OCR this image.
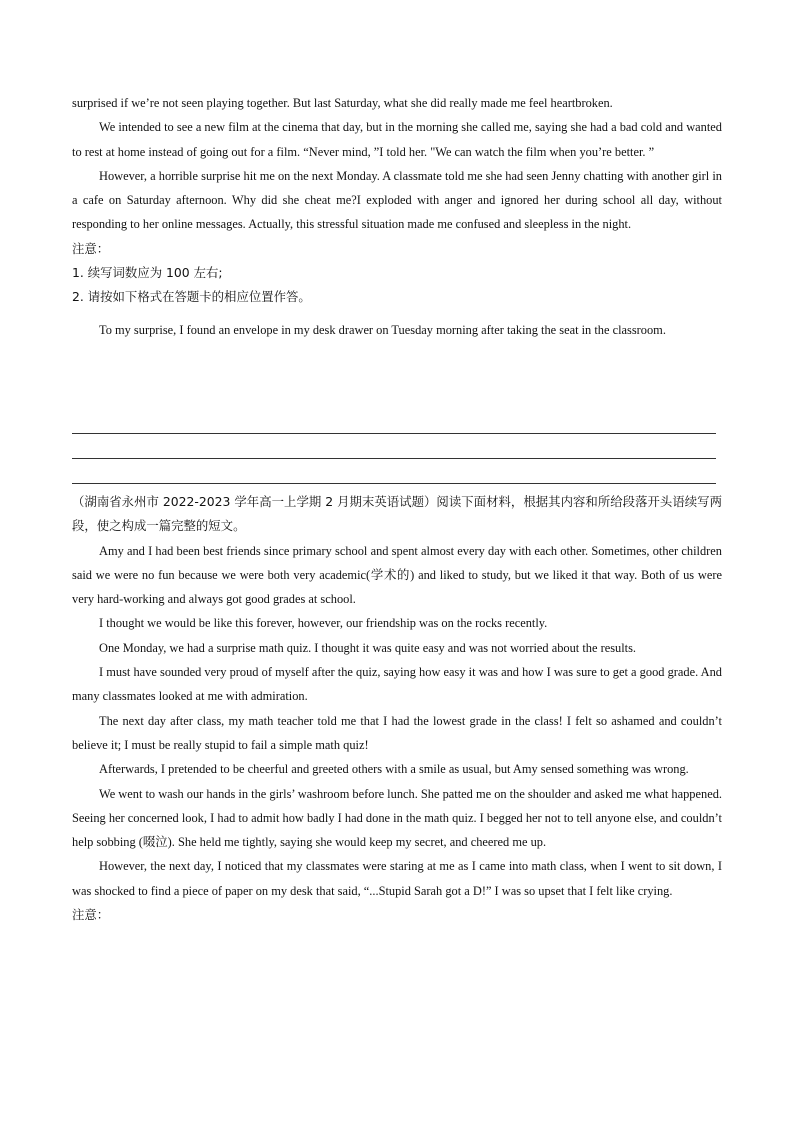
surprised if we’re not seen playing together. But last Saturday, what she did really made me feel heartbroken.

We intended to see a new film at the cinema that day, but in the morning she called me, saying she had a bad cold and wanted to rest at home instead of going out for a film. “Never mind, ”I told her. "We can watch the film when you’re better. ”

However, a horrible surprise hit me on the next Monday. A classmate told me she had seen Jenny chatting with another girl in a cafe on Saturday afternoon. Why did she cheat me?I exploded with anger and ignored her during school all day, without responding to her online messages. Actually, this stressful situation made me confused and sleepless in the night.

注意：

1. 续写词数应为 100 左右;

2. 请按如下格式在答题卡的相应位置作答。

To my surprise, I found an envelope in my desk drawer on Tuesday morning after taking the seat in the classroom.

（湖南省永州市 2022-2023 学年高一上学期 2 月期末英语试题）阅读下面材料，根据其内容和所给段落开头语续写两段，使之构成一篇完整的短文。

Amy and I had been best friends since primary school and spent almost every day with each other. Sometimes, other children said we were no fun because we were both very academic(学术的) and liked to study, but we liked it that way. Both of us were very hard-working and always got good grades at school.

I thought we would be like this forever, however, our friendship was on the rocks recently.

One Monday, we had a surprise math quiz. I thought it was quite easy and was not worried about the results.

I must have sounded very proud of myself after the quiz, saying how easy it was and how I was sure to get a good grade. And many classmates looked at me with admiration.

The next day after class, my math teacher told me that I had the lowest grade in the class! I felt so ashamed and couldn’t believe it; I must be really stupid to fail a simple math quiz!

Afterwards, I pretended to be cheerful and greeted others with a smile as usual, but Amy sensed something was wrong.

We went to wash our hands in the girls’ washroom before lunch. She patted me on the shoulder and asked me what happened. Seeing her concerned look, I had to admit how badly I had done in the math quiz. I begged her not to tell anyone else, and couldn’t help sobbing (啜泣). She held me tightly, saying she would keep my secret, and cheered me up.

However, the next day, I noticed that my classmates were staring at me as I came into math class, when I went to sit down, I was shocked to find a piece of paper on my desk that said, “...Stupid Sarah got a D!” I was so upset that I felt like crying.

注意：
